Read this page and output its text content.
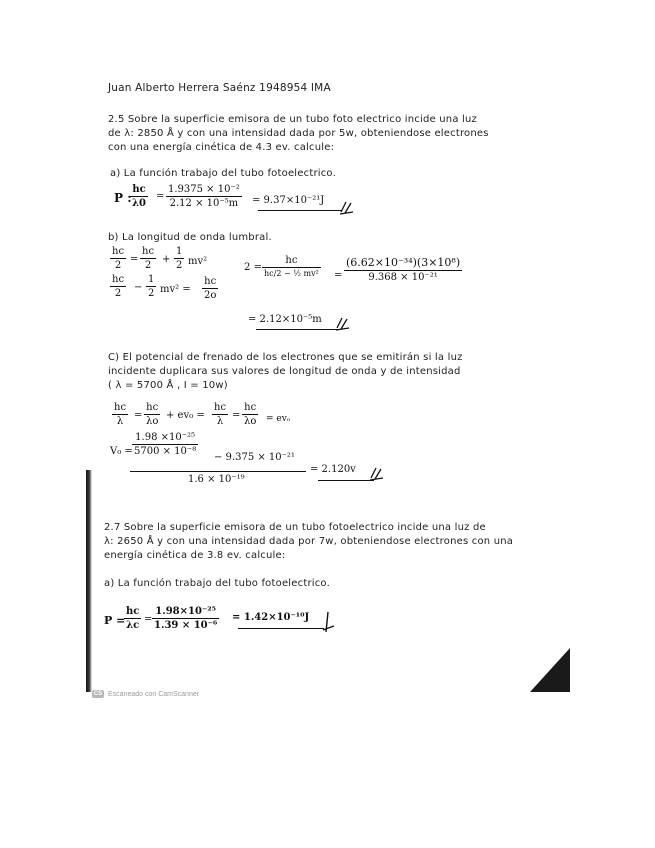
Juan Alberto Herrera Saénz 1948954 IMA
2.5 Sobre la superficie emisora de un tubo foto electrico incide una luz
de λ: 2850 Å y con una intensidad dada por 5w, obteniendose electrones
con una energía cinética de 4.3 ev. calcule:
a) La función trabajo del tubo fotoelectrico.
P :
hc
λ0
=
1.9375 × 10⁻²
2.12 × 10⁻⁵m = 9.37×10⁻²¹J
b) La longitud de onda lumbral.
hc
2
=
hc
2
+
1
2 mv²
hc
2
−
1
2 mv² =
hc
2o
2 =
hc
hc/2 − ½ mv² =
(6.62×10⁻³⁴)(3×10⁸)
9.368 × 10⁻²¹
= 2.12×10⁻⁵m
C) El potencial de frenado de los electrones que se emitirán si la luz
incidente duplicara sus valores de longitud de onda y de intensidad
( λ = 5700 Å , I = 10w)
hc
λ
=
hc
λo
+ ev₀ =
hc
λ
=
hc
λo = evₒ
V₀ =
1.98 ×10⁻²⁵
5700 × 10⁻⁸
− 9.375 × 10⁻²¹
1.6 × 10⁻¹⁹
= 2.120v
2.7 Sobre la superficie emisora de un tubo fotoelectrico incide una luz de
λ: 2650 Å y con una intensidad dada por 7w, obteniendose electrones con una
energía cinética de 3.8 ev. calcule:
a) La función trabajo del tubo fotoelectrico.
P =
hc
λc
=
1.98×10⁻²⁵
1.39 × 10⁻⁶
= 1.42×10⁻¹⁰J
CS Escaneado con CamScanner
